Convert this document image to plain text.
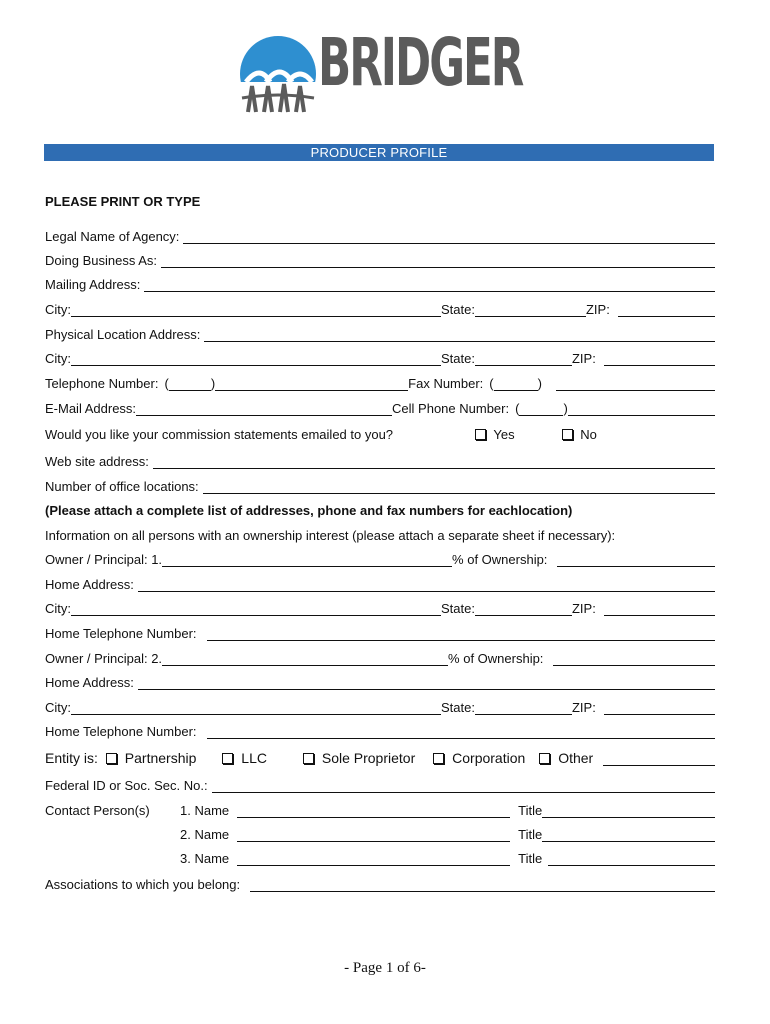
BRIDGER
PRODUCER PROFILE
PLEASE PRINT OR TYPE
Legal Name of Agency:
Doing Business As:
Mailing Address:
City:	State:	ZIP:
Physical Location Address:
City:	State:	ZIP:
Telephone Number: (	)	Fax Number: (	)
E-Mail Address:	Cell Phone Number: (	)
Would you like your commission statements emailed to you?	Yes	No
Web site address:
Number of office locations:
(Please attach a complete list of addresses, phone and fax numbers for eachlocation)
Information on all persons with an ownership interest (please attach a separate sheet if necessary):
Owner / Principal: 1.	% of Ownership:
Home Address:
City:	State:	ZIP:
Home Telephone Number:
Owner / Principal: 2.	% of Ownership:
Home Address:
City:	State:	ZIP:
Home Telephone Number:
Entity is:	Partnership	LLC	Sole Proprietor	Corporation	Other
Federal ID or Soc. Sec. No.:
Contact Person(s)	1. Name	Title
2. Name	Title
3. Name	Title
Associations to which you belong:
- Page 1 of 6-
